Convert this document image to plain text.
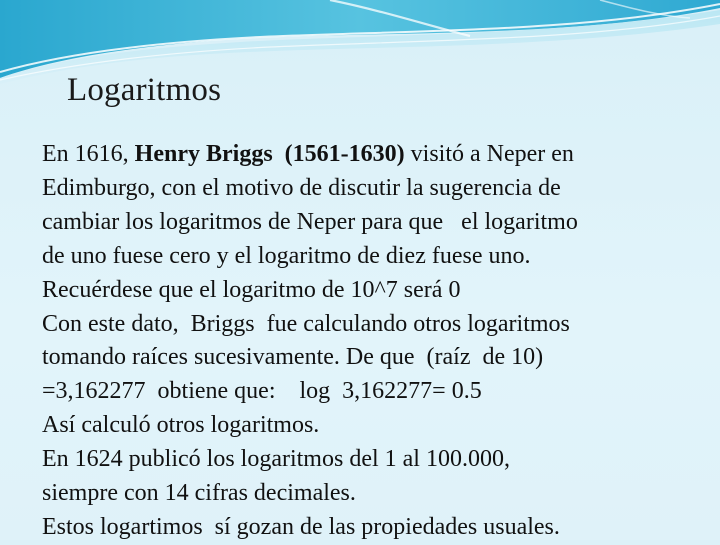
Logaritmos
En 1616, Henry Briggs (1561-1630) visitó a Neper en
Edimburgo, con el motivo de discutir la sugerencia de
cambiar los logaritmos de Neper para que   el logaritmo
de uno fuese cero y el logaritmo de diez fuese uno.
Recuérdese que el logaritmo de 10^7 será 0
Con este dato,  Briggs  fue calculando otros logaritmos
tomando raíces sucesivamente. De que  (raíz  de 10)
=3,162277  obtiene que:    log  3,162277= 0.5
Así calculó otros logaritmos.
En 1624 publicó los logaritmos del 1 al 100.000,
siempre con 14 cifras decimales.
Estos logartimos  sí gozan de las propiedades usuales.
